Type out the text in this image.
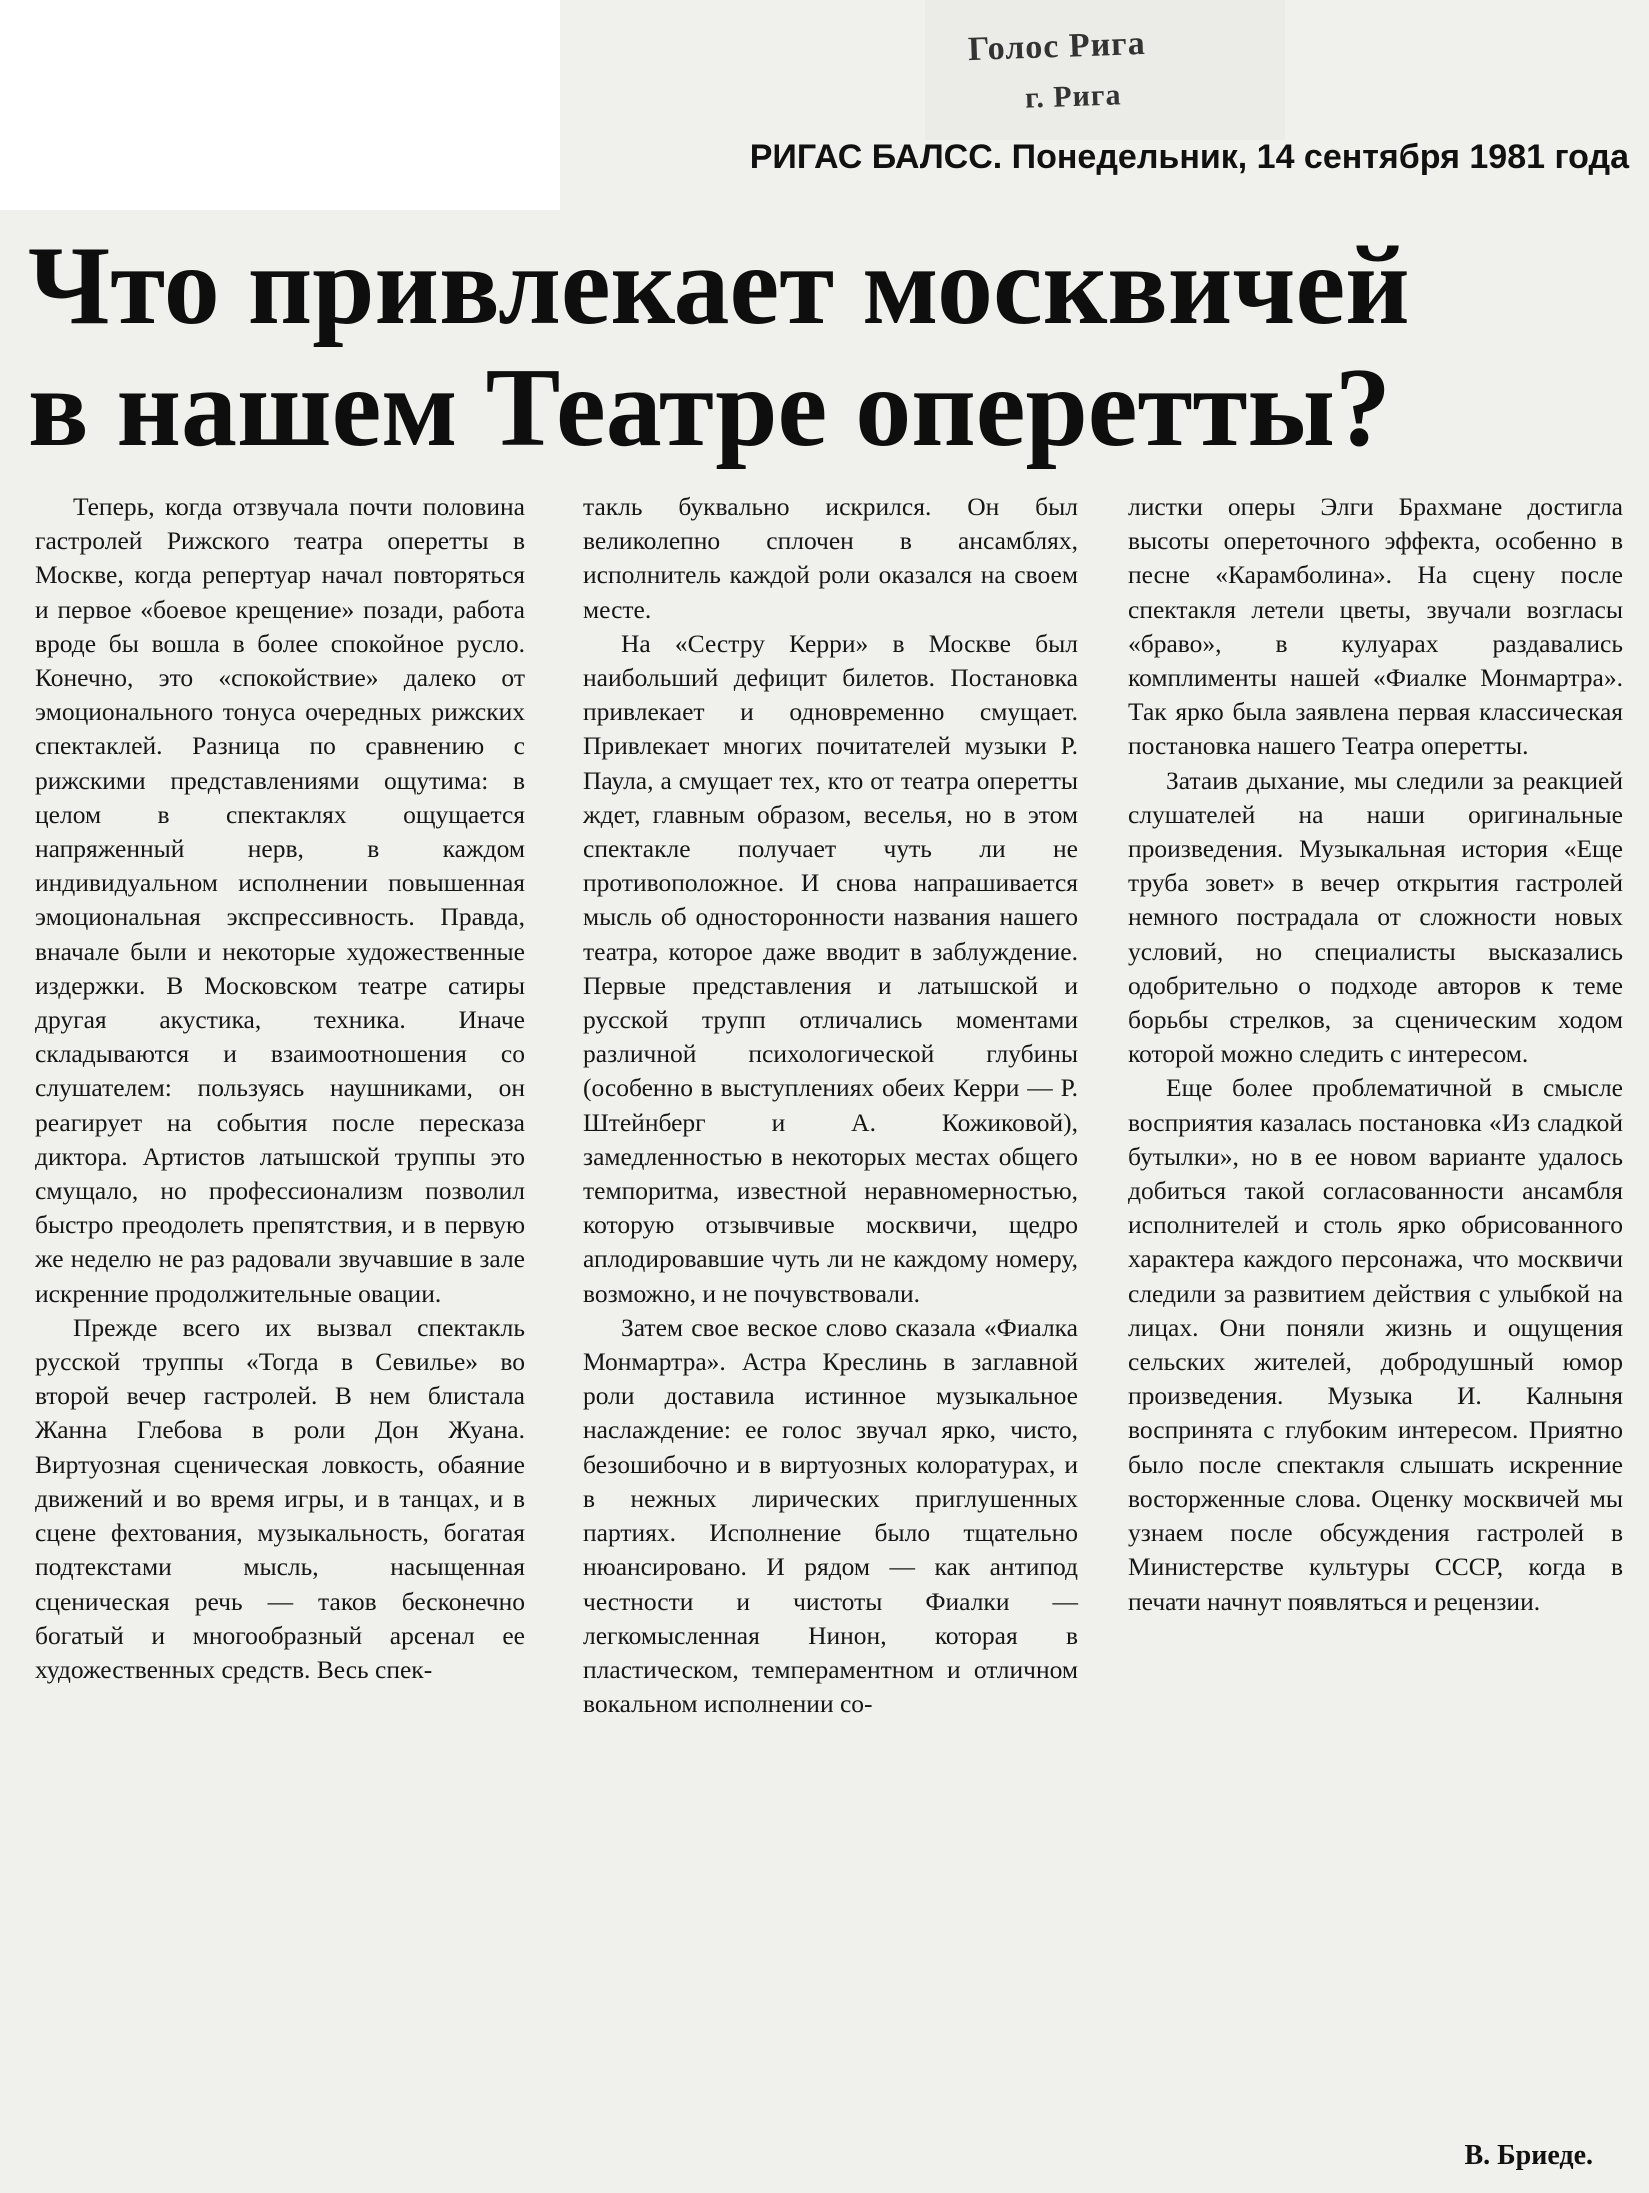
Голос Рига
г. Рига
РИГАС БАЛСС. Понедельник, 14 сентября 1981 года
Что привлекает москвичей
в нашем Театре оперетты?

Теперь, когда отзвучала почти половина гастролей Рижского театра оперетты в Москве, когда репертуар начал повторяться и первое «боевое крещение» позади, работа вроде бы вошла в более спокойное русло. Конечно, это «спокойствие» далеко от эмоционального тонуса очередных рижских спектаклей. Разница по сравнению с рижскими представлениями ощутима: в целом в спектаклях ощущается напряженный нерв, в каждом индивидуальном исполнении повышенная эмоциональная экспрессивность. Правда, вначале были и некоторые художественные издержки. В Московском театре сатиры другая акустика, техника. Иначе складываются и взаимоотношения со слушателем: пользуясь наушниками, он реагирует на события после пересказа диктора. Артистов латышской труппы это смущало, но профессионализм позволил быстро преодолеть препятствия, и в первую же неделю не раз радовали звучавшие в зале искренние продолжительные овации.

Прежде всего их вызвал спектакль русской труппы «Тогда в Севилье» во второй вечер гастролей. В нем блистала Жанна Глебова в роли Дон Жуана. Виртуозная сценическая ловкость, обаяние движений и во время игры, и в танцах, и в сцене фехтования, музыкальность, богатая подтекстами мысль, насыщенная сценическая речь — таков бесконечно богатый и многообразный арсенал ее художественных средств. Весь спек-

такль буквально искрился. Он был великолепно сплочен в ансамблях, исполнитель каждой роли оказался на своем месте.

На «Сестру Керри» в Москве был наибольший дефицит билетов. Постановка привлекает и одновременно смущает. Привлекает многих почитателей музыки Р. Паула, а смущает тех, кто от театра оперетты ждет, главным образом, веселья, но в этом спектакле получает чуть ли не противоположное. И снова напрашивается мысль об односторонности названия нашего театра, которое даже вводит в заблуждение. Первые представления и латышской и русской трупп отличались моментами различной психологической глубины (особенно в выступлениях обеих Керри — Р. Штейнберг и А. Кожиковой), замедленностью в некоторых местах общего темпоритма, известной неравномерностью, которую отзывчивые москвичи, щедро аплодировавшие чуть ли не каждому номеру, возможно, и не почувствовали.

Затем свое веское слово сказала «Фиалка Монмартра». Астра Креслинь в заглавной роли доставила истинное музыкальное наслаждение: ее голос звучал ярко, чисто, безошибочно и в виртуозных колоратурах, и в нежных лирических приглушенных партиях. Исполнение было тщательно нюансировано. И рядом — как антипод честности и чистоты Фиалки — легкомысленная Нинон, которая в пластическом, темпераментном и отличном вокальном исполнении со-

листки оперы Элги Брахмане достигла высоты опереточного эффекта, особенно в песне «Карамболина». На сцену после спектакля летели цветы, звучали возгласы «браво», в кулуарах раздавались комплименты нашей «Фиалке Монмартра». Так ярко была заявлена первая классическая постановка нашего Театра оперетты.

Затаив дыхание, мы следили за реакцией слушателей на наши оригинальные произведения. Музыкальная история «Еще труба зовет» в вечер открытия гастролей немного пострадала от сложности новых условий, но специалисты высказались одобрительно о подходе авторов к теме борьбы стрелков, за сценическим ходом которой можно следить с интересом.

Еще более проблематичной в смысле восприятия казалась постановка «Из сладкой бутылки», но в ее новом варианте удалось добиться такой согласованности ансамбля исполнителей и столь ярко обрисованного характера каждого персонажа, что москвичи следили за развитием действия с улыбкой на лицах. Они поняли жизнь и ощущения сельских жителей, добродушный юмор произведения. Музыка И. Калныня воспринята с глубоким интересом. Приятно было после спектакля слышать искренние восторженные слова. Оценку москвичей мы узнаем после обсуждения гастролей в Министерстве культуры СССР, когда в печати начнут появляться и рецензии.

В. Бриеде.
